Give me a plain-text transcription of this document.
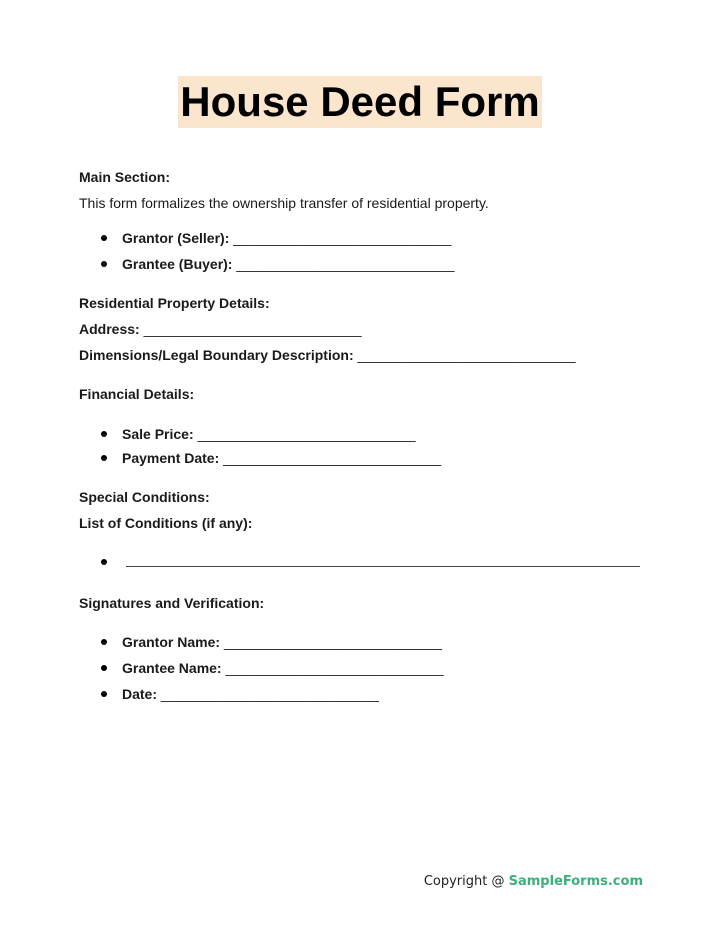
House Deed Form

Main Section:

This form formalizes the ownership transfer of residential property.

Grantor (Seller): ____________________________
Grantee (Buyer): ____________________________

Residential Property Details:

Address: ____________________________

Dimensions/Legal Boundary Description: ____________________________

Financial Details:

Sale Price: ____________________________
Payment Date: ____________________________

Special Conditions:

List of Conditions (if any):

Signatures and Verification:

Grantor Name: ____________________________
Grantee Name: ____________________________
Date: ____________________________
Copyright @ SampleForms.com
